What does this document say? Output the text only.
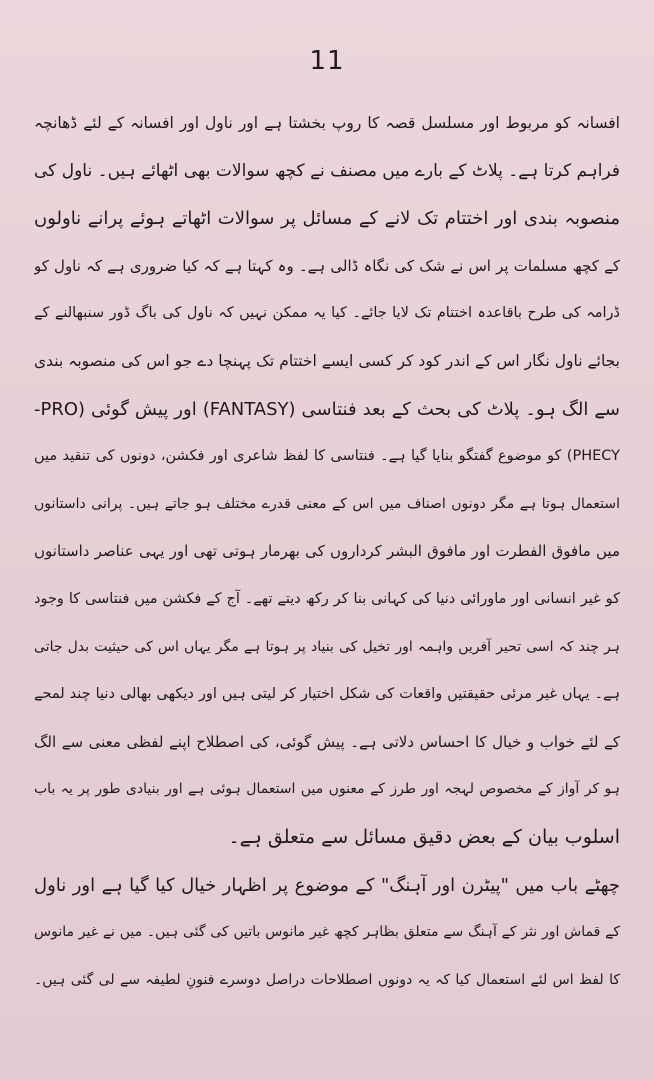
11
افسانہ کو مربوط اور مسلسل قصہ کا روپ بخشتا ہے اور ناول اور افسانہ کے لئے ڈھانچہ
فراہم کرتا ہے۔ پلاٹ کے بارے میں مصنف نے کچھ سوالات بھی اٹھائے ہیں۔ ناول کی
منصوبہ بندی اور اختتام تک لانے کے مسائل پر سوالات اٹھاتے ہوئے پرانے ناولوں
کے کچھ مسلمات پر اس نے شک کی نگاہ ڈالی ہے۔ وہ کہتا ہے کہ کیا ضروری ہے کہ ناول کو
ڈرامہ کی طرح باقاعدہ اختتام تک لایا جائے۔ کیا یہ ممکن نہیں کہ ناول کی باگ ڈور سنبھالنے کے
بجائے ناول نگار اس کے اندر کود کر کسی ایسے اختتام تک پہنچا دے جو اس کی منصوبہ بندی
سے الگ ہو۔ پلاٹ کی بحث کے بعد فنتاسی (FANTASY) اور پیش گوئی (PRO-
PHECY) کو موضوع گفتگو بنایا گیا ہے۔ فنتاسی کا لفظ شاعری اور فکشن، دونوں کی تنقید میں
استعمال ہوتا ہے مگر دونوں اصناف میں اس کے معنی قدرے مختلف ہو جاتے ہیں۔ پرانی داستانوں
میں مافوق الفطرت اور مافوق البشر کرداروں کی بھرمار ہوتی تھی اور یہی عناصر داستانوں
کو غیر انسانی اور ماورائی دنیا کی کہانی بنا کر رکھ دیتے تھے۔ آج کے فکشن میں فنتاسی کا وجود
ہر چند کہ اسی تحیر آفریں واہمہ اور تخیل کی بنیاد پر ہوتا ہے مگر یہاں اس کی حیثیت بدل جاتی
ہے۔ یہاں غیر مرئی حقیقتیں واقعات کی شکل اختیار کر لیتی ہیں اور دیکھی بھالی دنیا چند لمحے
کے لئے خواب و خیال کا احساس دلاتی ہے۔ پیش گوئی، کی اصطلاح اپنے لفظی معنی سے الگ
ہو کر آواز کے مخصوص لہجہ اور طرز کے معنوں میں استعمال ہوئی ہے اور بنیادی طور پر یہ باب
اسلوب بیان کے بعض دقیق مسائل سے متعلق ہے۔
چھٹے باب میں "پیٹرن اور آہنگ" کے موضوع پر اظہار خیال کیا گیا ہے اور ناول
کے قماش اور نثر کے آہنگ سے متعلق بظاہر کچھ غیر مانوس باتیں کی گئی ہیں۔ میں نے غیر مانوس
کا لفظ اس لئے استعمال کیا کہ یہ دونوں اصطلاحات دراصل دوسرے فنونِ لطیفہ سے لی گئی ہیں۔
